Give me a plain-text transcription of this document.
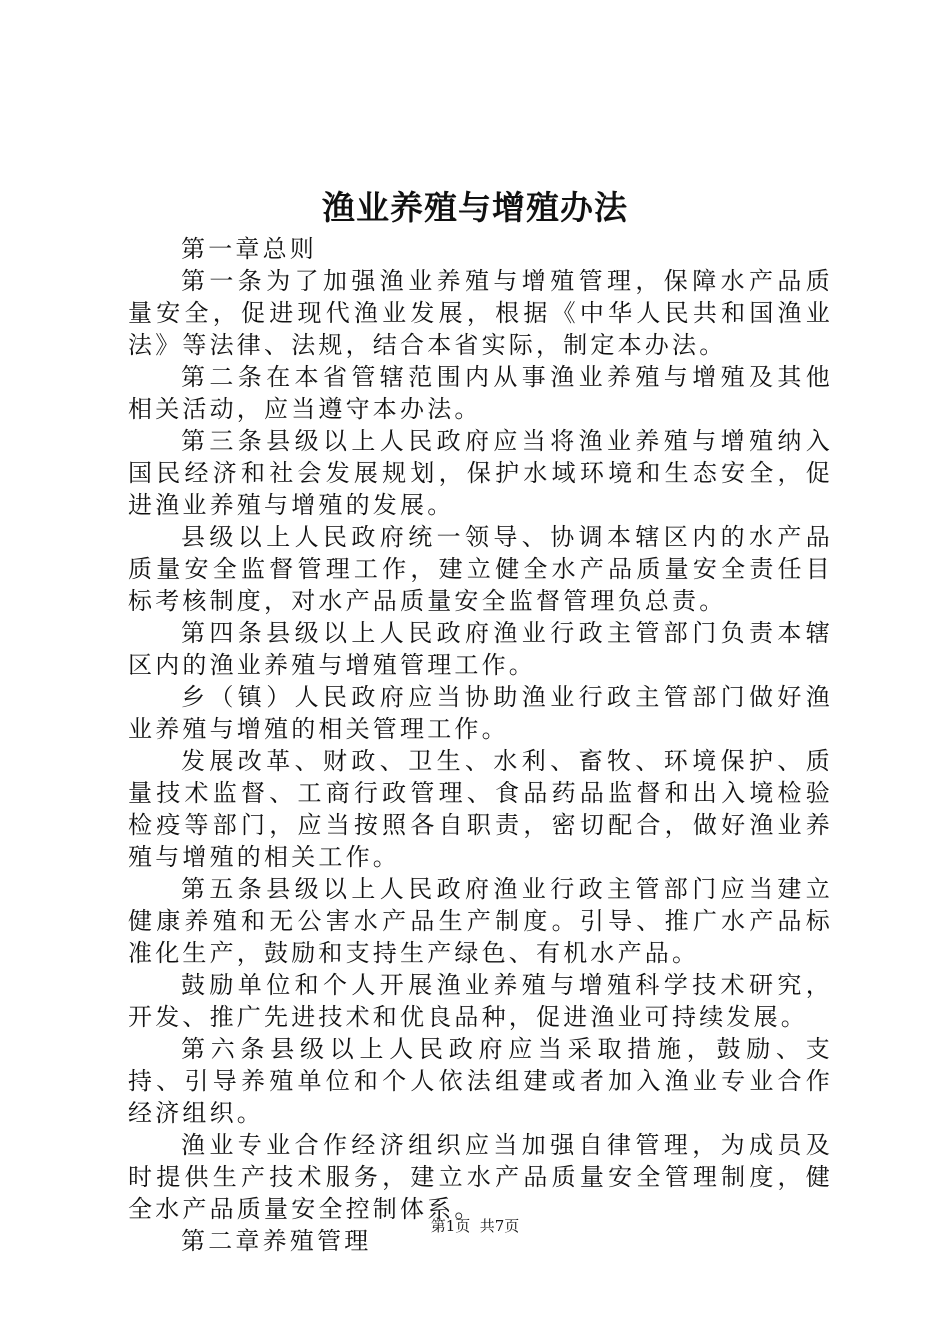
渔业养殖与增殖办法

第一章总则

第一条为了加强渔业养殖与增殖管理，保障水产品质量安全，促进现代渔业发展，根据《中华人民共和国渔业法》等法律、法规，结合本省实际，制定本办法。

第二条在本省管辖范围内从事渔业养殖与增殖及其他相关活动，应当遵守本办法。

第三条县级以上人民政府应当将渔业养殖与增殖纳入国民经济和社会发展规划，保护水域环境和生态安全，促进渔业养殖与增殖的发展。

县级以上人民政府统一领导、协调本辖区内的水产品质量安全监督管理工作，建立健全水产品质量安全责任目标考核制度，对水产品质量安全监督管理负总责。

第四条县级以上人民政府渔业行政主管部门负责本辖区内的渔业养殖与增殖管理工作。

乡（镇）人民政府应当协助渔业行政主管部门做好渔业养殖与增殖的相关管理工作。

发展改革、财政、卫生、水利、畜牧、环境保护、质量技术监督、工商行政管理、食品药品监督和出入境检验检疫等部门，应当按照各自职责，密切配合，做好渔业养殖与增殖的相关工作。

第五条县级以上人民政府渔业行政主管部门应当建立健康养殖和无公害水产品生产制度。引导、推广水产品标准化生产，鼓励和支持生产绿色、有机水产品。

鼓励单位和个人开展渔业养殖与增殖科学技术研究，开发、推广先进技术和优良品种，促进渔业可持续发展。

第六条县级以上人民政府应当采取措施，鼓励、支持、引导养殖单位和个人依法组建或者加入渔业专业合作经济组织。

渔业专业合作经济组织应当加强自律管理，为成员及时提供生产技术服务，建立水产品质量安全管理制度，健全水产品质量安全控制体系。

第二章养殖管理

第1页  共7页
